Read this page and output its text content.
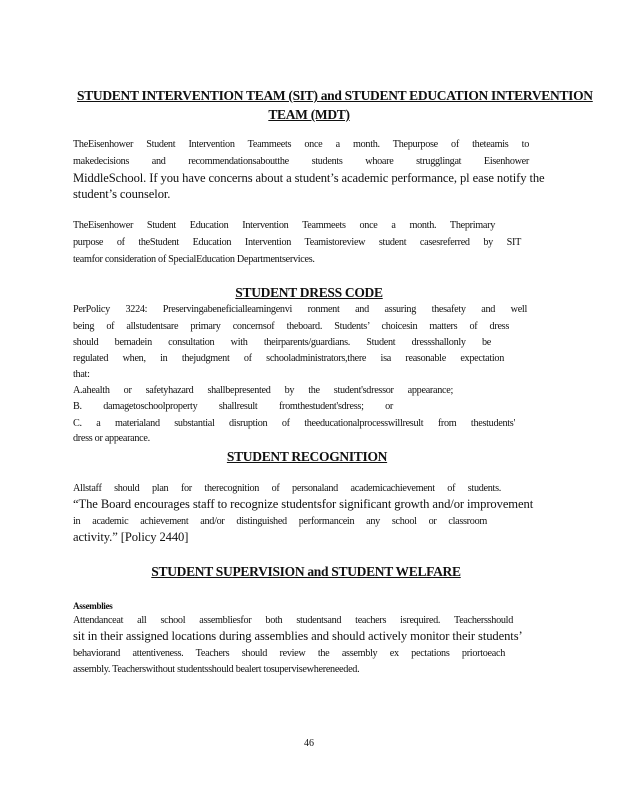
STUDENT INTERVENTION TEAM (SIT) and STUDENT EDUCATION INTERVENTION
TEAM (MDT)
TheEisenhower Student Intervention Teammeets once a month. Thepurpose of theteamis to
makedecisions and recommendationsaboutthe students whoare strugglingat Eisenhower
MiddleSchool. If you have concerns about a student’s academic performance, pl ease notify the
student’s counselor.
TheEisenhower Student Education Intervention Teammeets once a month. Theprimary
purpose of theStudent Education Intervention Teamistoreview student casesreferred by SIT
teamfor consideration of SpecialEducation Departmentservices.
STUDENT DRESS CODE
PerPolicy 3224: Preservingabeneficiallearningenvi ronment and assuring thesafety and well
being of allstudentsare primary concernsof theboard. Students’ choicesin matters of dress
should bemadein consultation with theirparents/guardians. Student dressshallonly be
regulated when, in thejudgment of schooladministrators,there isa reasonable expectation
that:
A.ahealth or safetyhazard shallbepresented by the student'sdressor appearance;
B. damagetoschoolproperty shallresult fromthestudent'sdress; or
C. a materialand substantial disruption of theeducationalprocesswillresult from thestudents'
dress or appearance.
STUDENT RECOGNITION
Allstaff should plan for therecognition of personaland academicachievement of students.
“The Board encourages staff to recognize studentsfor significant growth and/or improvement
in academic achievement and/or distinguished performancein any school or classroom
activity.” [Policy 2440]
STUDENT SUPERVISION and STUDENT WELFARE
Assemblies
Attendanceat all school assembliesfor both studentsand teachers isrequired. Teachersshould
sit in their assigned locations during assemblies and should actively monitor their students’
behaviorand attentiveness. Teachers should review the assembly ex pectations priortoeach
assembly. Teacherswithout studentsshould bealert tosupervisewhereneeded.
46
